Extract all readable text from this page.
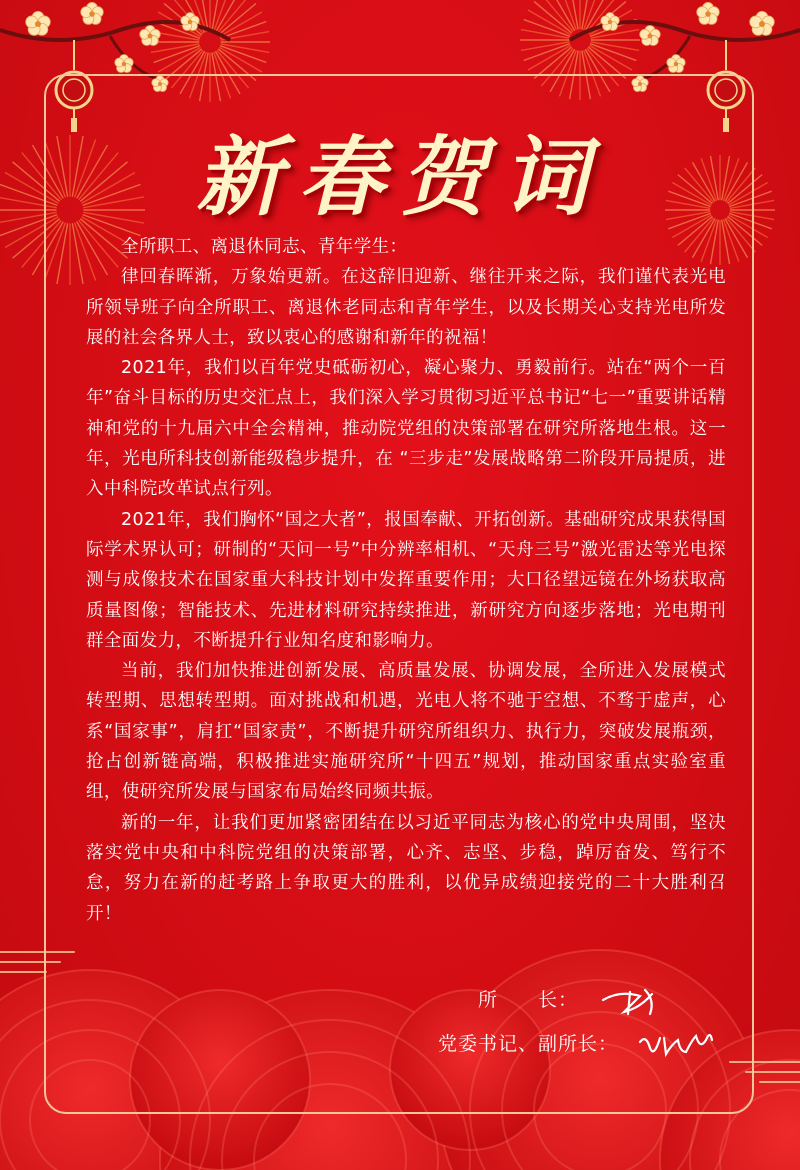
新春贺词

全所职工、离退休同志、青年学生：

律回春晖渐，万象始更新。在这辞旧迎新、继往开来之际，我们谨代表光电所领导班子向全所职工、离退休老同志和青年学生，以及长期关心支持光电所发展的社会各界人士，致以衷心的感谢和新年的祝福！

2021年，我们以百年党史砥砺初心，凝心聚力、勇毅前行。站在“两个一百年”奋斗目标的历史交汇点上，我们深入学习贯彻习近平总书记“七一”重要讲话精神和党的十九届六中全会精神，推动院党组的决策部署在研究所落地生根。这一年，光电所科技创新能级稳步提升，在 “三步走”发展战略第二阶段开局提质，进入中科院改革试点行列。

2021年，我们胸怀“国之大者”，报国奉献、开拓创新。基础研究成果获得国际学术界认可；研制的“天问一号”中分辨率相机、“天舟三号”激光雷达等光电探测与成像技术在国家重大科技计划中发挥重要作用；大口径望远镜在外场获取高质量图像；智能技术、先进材料研究持续推进，新研究方向逐步落地；光电期刊群全面发力，不断提升行业知名度和影响力。

当前，我们加快推进创新发展、高质量发展、协调发展，全所进入发展模式转型期、思想转型期。面对挑战和机遇，光电人将不驰于空想、不骛于虚声，心系“国家事”，肩扛“国家责”，不断提升研究所组织力、执行力，突破发展瓶颈，抢占创新链高端，积极推进实施研究所“十四五”规划，推动国家重点实验室重组，使研究所发展与国家布局始终同频共振。

新的一年，让我们更加紧密团结在以习近平同志为核心的党中央周围，坚决落实党中央和中科院党组的决策部署，心齐、志坚、步稳，踔厉奋发、笃行不怠，努力在新的赶考路上争取更大的胜利，以优异成绩迎接党的二十大胜利召开！

所　　长：
党委书记、副所长：
